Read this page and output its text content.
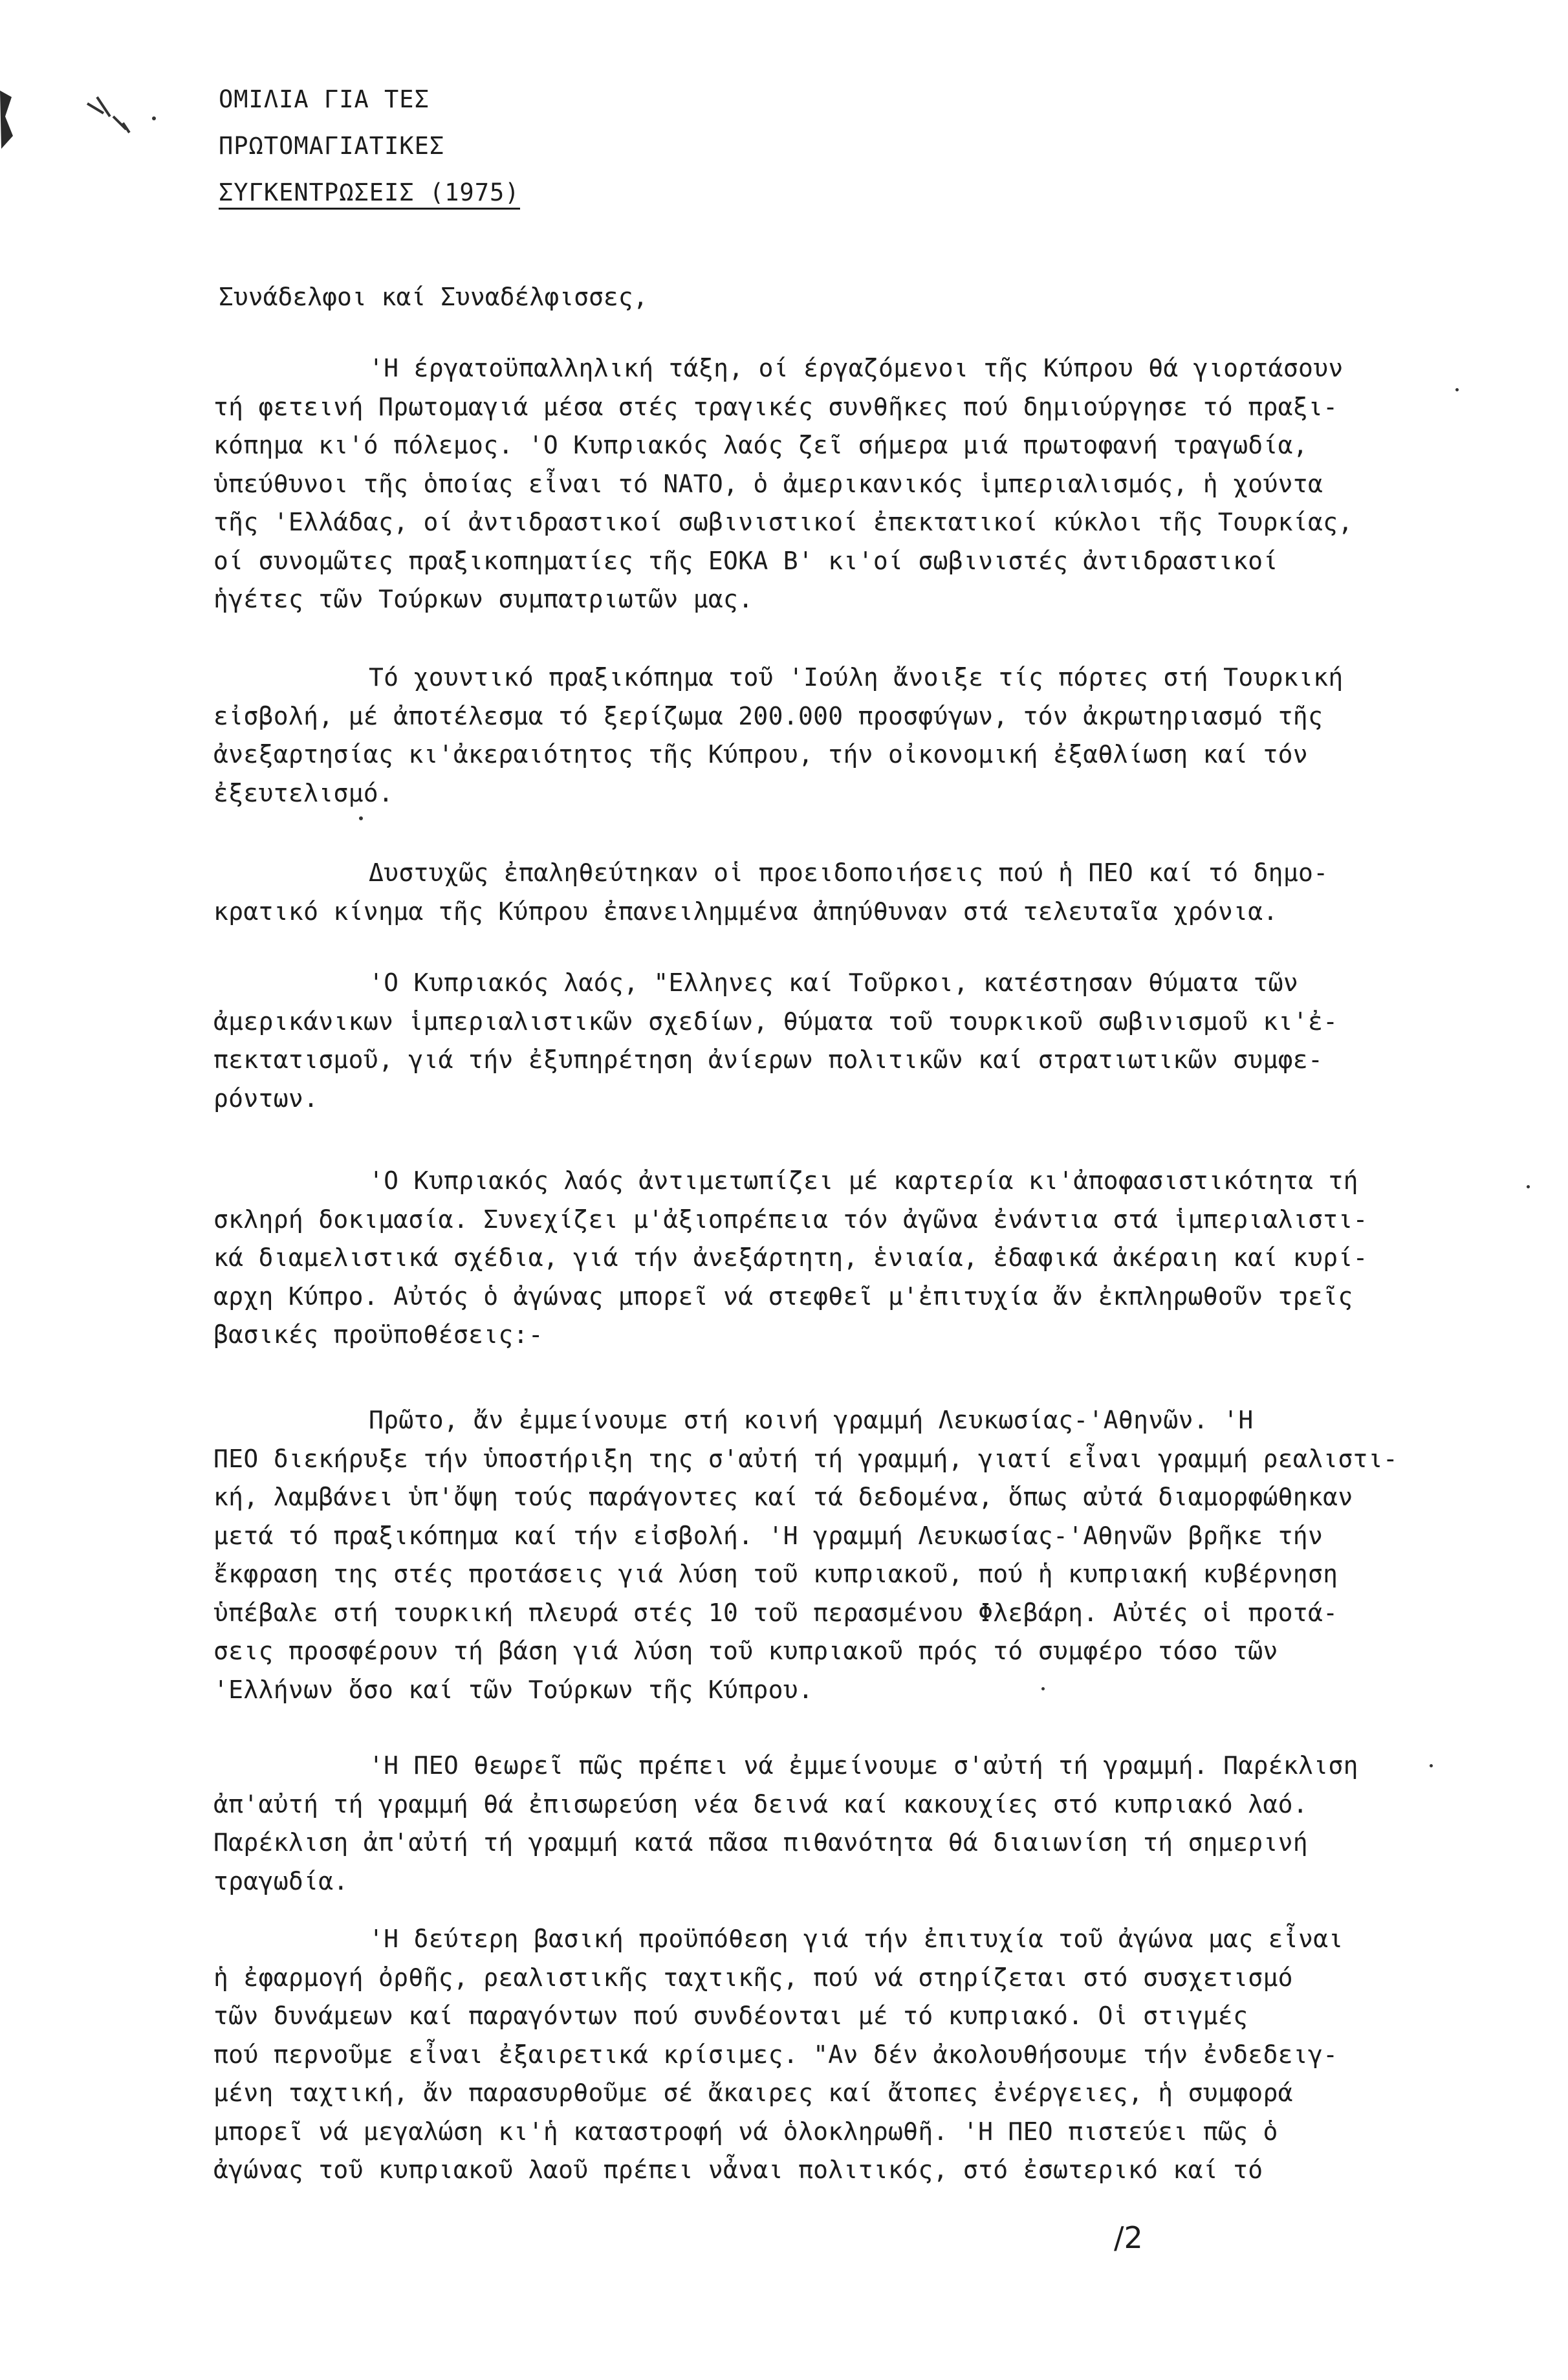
ΟΜΙΛΙΑ ΓΙΑ ΤΕΣ
ΠΡΩΤΟΜΑΓΙΑΤΙΚΕΣ
ΣΥΓΚΕΝΤΡΩΣΕΙΣ (1975)
Συνάδελφοι καί Συναδέλφισσες,
'Η έργατοϋπαλληλική τάξη, οί έργαζόμενοι τῆς Κύπρου θά γιορτάσουν
τή φετεινή Πρωτομαγιά μέσα στές τραγικές συνθῆκες πού δημιούργησε τό πραξι-
κόπημα κι'ό πόλεμος. 'Ο Κυπριακός λαός ζεῖ σήμερα μιά πρωτοφανή τραγωδία,
ὑπεύθυνοι τῆς ὁποίας εἶναι τό ΝΑΤΟ, ὁ ἀμερικανικός ἱμπεριαλισμός, ἡ χούντα
τῆς 'Ελλάδας, οί ἀντιδραστικοί σωβινιστικοί ἐπεκτατικοί κύκλοι τῆς Τουρκίας,
οί συνομῶτες πραξικοπηματίες τῆς ΕΟΚΑ Β' κι'οί σωβινιστές ἀντιδραστικοί
ἡγέτες τῶν Τούρκων συμπατριωτῶν μας.
Τό χουντικό πραξικόπημα τοῦ 'Ιούλη ἄνοιξε τίς πόρτες στή Τουρκική
εἰσβολή, μέ ἀποτέλεσμα τό ξερίζωμα 200.000 προσφύγων, τόν ἀκρωτηριασμό τῆς
ἀνεξαρτησίας κι'ἀκεραιότητος τῆς Κύπρου, τήν οἰκονομική ἐξαθλίωση καί τόν
ἐξευτελισμό.
Δυστυχῶς ἐπαληθεύτηκαν οἱ προειδοποιήσεις πού ἡ ΠΕΟ καί τό δημο-
κρατικό κίνημα τῆς Κύπρου ἐπανειλημμένα ἀπηύθυναν στά τελευταῖα χρόνια.
'Ο Κυπριακός λαός, "Ελληνες καί Τοῦρκοι, κατέστησαν θύματα τῶν
ἀμερικάνικων ἱμπεριαλιστικῶν σχεδίων, θύματα τοῦ τουρκικοῦ σωβινισμοῦ κι'ἐ-
πεκτατισμοῦ, γιά τήν ἐξυπηρέτηση ἀνίερων πολιτικῶν καί στρατιωτικῶν συμφε-
ρόντων.
'Ο Κυπριακός λαός ἀντιμετωπίζει μέ καρτερία κι'ἀποφασιστικότητα τή
σκληρή δοκιμασία. Συνεχίζει μ'ἀξιοπρέπεια τόν ἀγῶνα ἐνάντια στά ἱμπεριαλιστι-
κά διαμελιστικά σχέδια, γιά τήν ἀνεξάρτητη, ἑνιαία, ἐδαφικά ἀκέραιη καί κυρί-
αρχη Κύπρο. Αὐτός ὁ ἀγώνας μπορεῖ νά στεφθεῖ μ'ἐπιτυχία ἄν ἐκπληρωθοῦν τρεῖς
βασικές προϋποθέσεις:-
Πρῶτο, ἄν ἐμμείνουμε στή κοινή γραμμή Λευκωσίας-'Αθηνῶν. 'Η
ΠΕΟ διεκήρυξε τήν ὑποστήριξη της σ'αὐτή τή γραμμή, γιατί εἶναι γραμμή ρεαλιστι-
κή, λαμβάνει ὑπ'ὄψη τούς παράγοντες καί τά δεδομένα, ὅπως αὐτά διαμορφώθηκαν
μετά τό πραξικόπημα καί τήν εἰσβολή. 'Η γραμμή Λευκωσίας-'Αθηνῶν βρῆκε τήν
ἔκφραση της στές προτάσεις γιά λύση τοῦ κυπριακοῦ, πού ἡ κυπριακή κυβέρνηση
ὑπέβαλε στή τουρκική πλευρά στές 10 τοῦ περασμένου Φλεβάρη. Αὐτές οἱ προτά-
σεις προσφέρουν τή βάση γιά λύση τοῦ κυπριακοῦ πρός τό συμφέρο τόσο τῶν
'Ελλήνων ὅσο καί τῶν Τούρκων τῆς Κύπρου.
'Η ΠΕΟ θεωρεῖ πῶς πρέπει νά ἐμμείνουμε σ'αὐτή τή γραμμή. Παρέκλιση
ἀπ'αὐτή τή γραμμή θά ἐπισωρεύση νέα δεινά καί κακουχίες στό κυπριακό λαό.
Παρέκλιση ἀπ'αὐτή τή γραμμή κατά πᾶσα πιθανότητα θά διαιωνίση τή σημερινή
τραγωδία.
'Η δεύτερη βασική προϋπόθεση γιά τήν ἐπιτυχία τοῦ ἀγώνα μας εἶναι
ἡ ἐφαρμογή ὀρθῆς, ρεαλιστικῆς ταχτικῆς, πού νά στηρίζεται στό συσχετισμό
τῶν δυνάμεων καί παραγόντων πού συνδέονται μέ τό κυπριακό. Οἱ στιγμές
πού περνοῦμε εἶναι ἐξαιρετικά κρίσιμες. "Αν δέν ἀκολουθήσουμε τήν ἐνδεδειγ-
μένη ταχτική, ἄν παρασυρθοῦμε σέ ἄκαιρες καί ἄτοπες ἐνέργειες, ἡ συμφορά
μπορεῖ νά μεγαλώση κι'ἡ καταστροφή νά ὁλοκληρωθῆ. 'Η ΠΕΟ πιστεύει πῶς ὁ
ἀγώνας τοῦ κυπριακοῦ λαοῦ πρέπει νἆναι πολιτικός, στό ἐσωτερικό καί τό
/2
